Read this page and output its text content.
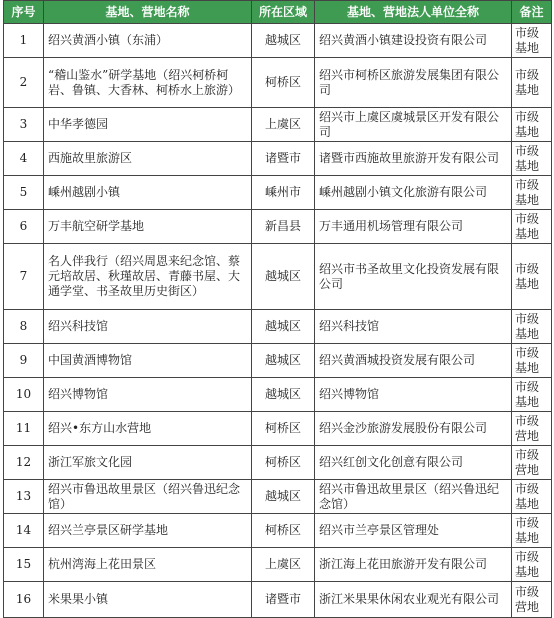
序号	基地、营地名称	所在区域	基地、营地法人单位全称	备注
1	绍兴黄酒小镇（东浦）	越城区	绍兴黄酒小镇建设投资有限公司	市级基地
2	“稽山鉴水”研学基地（绍兴柯桥柯岩、鲁镇、大香林、柯桥水上旅游）	柯桥区	绍兴市柯桥区旅游发展集团有限公司	市级基地
3	中华孝德园	上虞区	绍兴市上虞区虞城景区开发有限公司	市级基地
4	西施故里旅游区	诸暨市	诸暨市西施故里旅游开发有限公司	市级基地
5	嵊州越剧小镇	嵊州市	嵊州越剧小镇文化旅游有限公司	市级基地
6	万丰航空研学基地	新昌县	万丰通用机场管理有限公司	市级基地
7	名人伴我行（绍兴周恩来纪念馆、蔡元培故居、秋瑾故居、青藤书屋、大通学堂、书圣故里历史街区）	越城区	绍兴市书圣故里文化投资发展有限公司	市级基地
8	绍兴科技馆	越城区	绍兴科技馆	市级基地
9	中国黄酒博物馆	越城区	绍兴黄酒城投资发展有限公司	市级基地
10	绍兴博物馆	越城区	绍兴博物馆	市级基地
11	绍兴•东方山水营地	柯桥区	绍兴金沙旅游发展股份有限公司	市级营地
12	浙江军旅文化园	柯桥区	绍兴红创文化创意有限公司	市级营地
13	绍兴市鲁迅故里景区（绍兴鲁迅纪念馆）	越城区	绍兴市鲁迅故里景区（绍兴鲁迅纪念馆）	市级基地
14	绍兴兰亭景区研学基地	柯桥区	绍兴市兰亭景区管理处	市级基地
15	杭州湾海上花田景区	上虞区	浙江海上花田旅游开发有限公司	市级基地
16	米果果小镇	诸暨市	浙江米果果休闲农业观光有限公司	市级营地
